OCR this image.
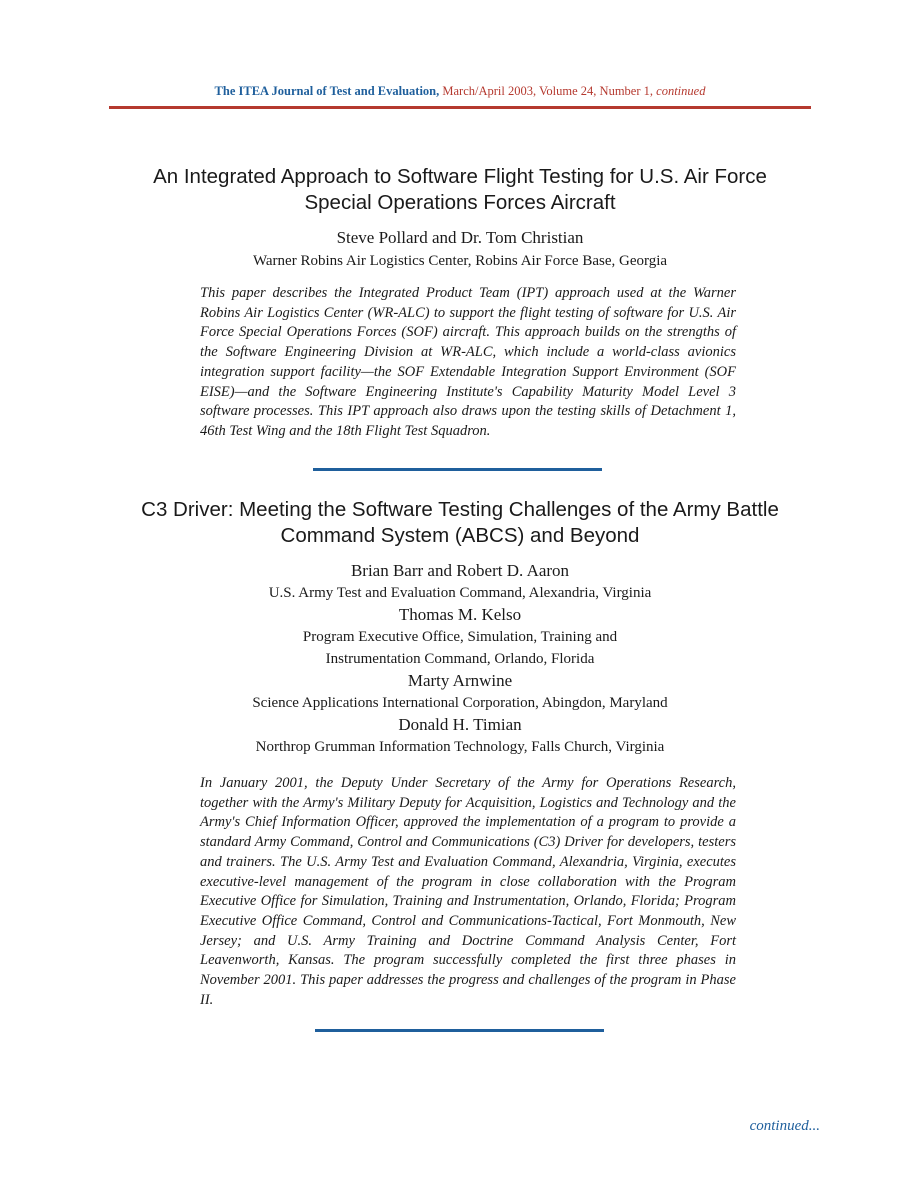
The ITEA Journal of Test and Evaluation, March/April 2003, Volume 24, Number 1, continued
An Integrated Approach to Software Flight Testing for U.S. Air Force
Special Operations Forces Aircraft
Steve Pollard and Dr. Tom Christian
Warner Robins Air Logistics Center, Robins Air Force Base, Georgia

This paper describes the Integrated Product Team (IPT) approach used at the Warner Robins Air Logistics Center (WR-ALC) to support the flight testing of software for U.S. Air Force Special Operations Forces (SOF) aircraft. This approach builds on the strengths of the Software Engineering Division at WR-ALC, which include a world-class avionics integration support facility—the SOF Extendable Integration Support Environment (SOF EISE)—and the Software Engineering Institute's Capability Maturity Model Level 3 software processes. This IPT approach also draws upon the testing skills of Detachment 1, 46th Test Wing and the 18th Flight Test Squadron.

C3 Driver: Meeting the Software Testing Challenges of the Army Battle
Command System (ABCS) and Beyond
Brian Barr and Robert D. Aaron
U.S. Army Test and Evaluation Command, Alexandria, Virginia
Thomas M. Kelso
Program Executive Office, Simulation, Training and
Instrumentation Command, Orlando, Florida
Marty Arnwine
Science Applications International Corporation, Abingdon, Maryland
Donald H. Timian
Northrop Grumman Information Technology, Falls Church, Virginia

In January 2001, the Deputy Under Secretary of the Army for Operations Research, together with the Army's Military Deputy for Acquisition, Logistics and Technology and the Army's Chief Information Officer, approved the implementation of a program to provide a standard Army Command, Control and Communications (C3) Driver for developers, testers and trainers. The U.S. Army Test and Evaluation Command, Alexandria, Virginia, executes executive-level management of the program in close collaboration with the Program Executive Office for Simulation, Training and Instrumentation, Orlando, Florida; Program Executive Office Command, Control and Communications-Tactical, Fort Monmouth, New Jersey; and U.S. Army Training and Doctrine Command Analysis Center, Fort Leavenworth, Kansas. The program successfully completed the first three phases in November 2001. This paper addresses the progress and challenges of the program in Phase II.

continued...
